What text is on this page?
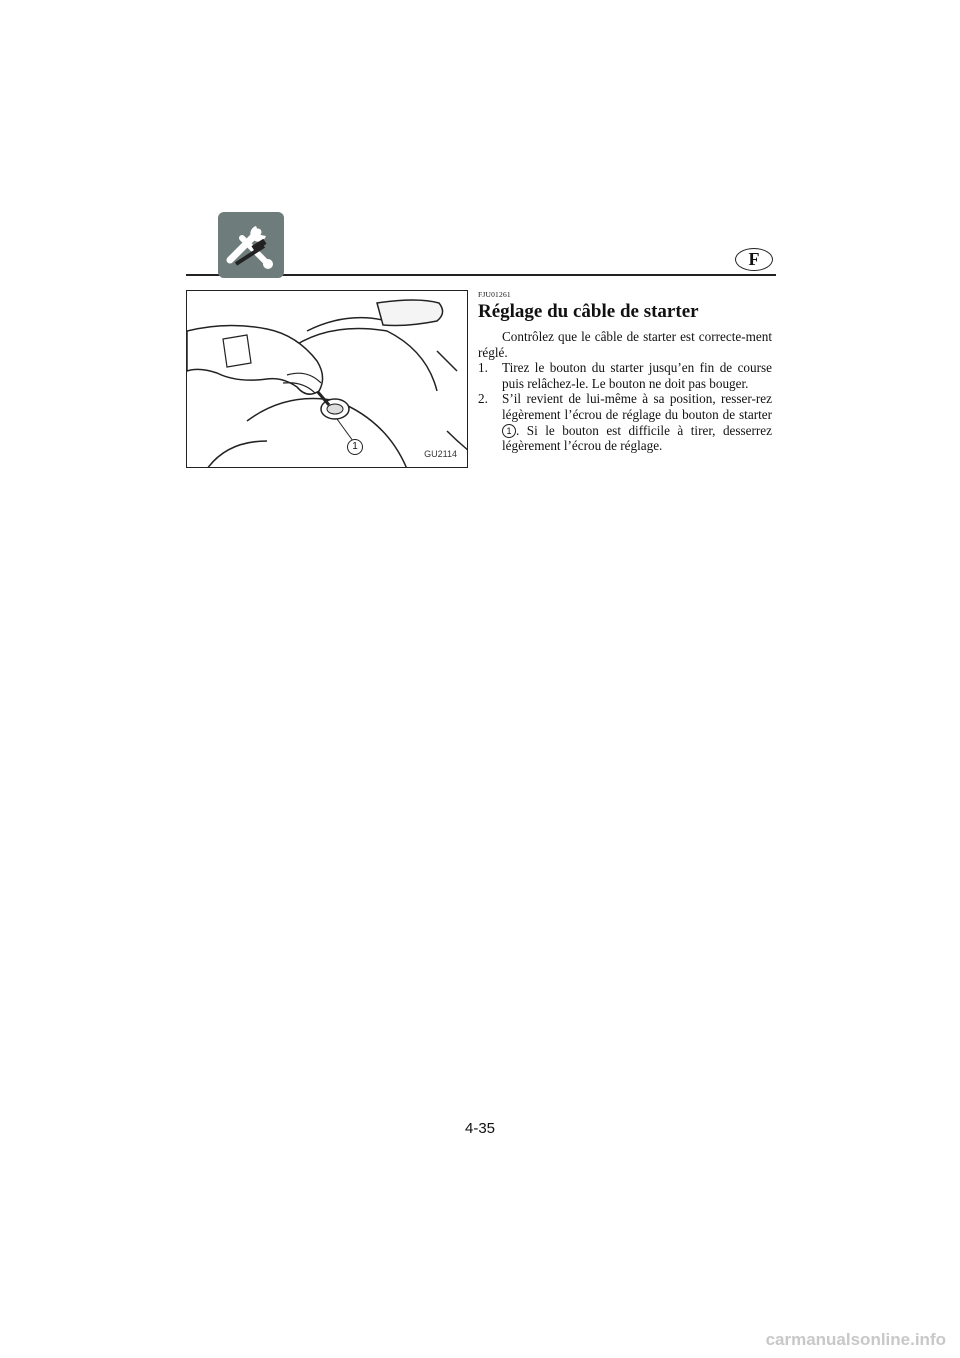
F
1
GU2114
FJU01261
Réglage du câble de starter

Contrôlez que le câble de starter est correcte-ment réglé.

1.	Tirez le bouton du starter jusqu’en fin de course puis relâchez-le. Le bouton ne doit pas bouger.
2.	S’il revient de lui-même à sa position, resser-rez légèrement l’écrou de réglage du bouton de starter 1 . Si le bouton est difficile à tirer, desserrez légèrement l’écrou de réglage.
4-35
carmanualsonline.info
